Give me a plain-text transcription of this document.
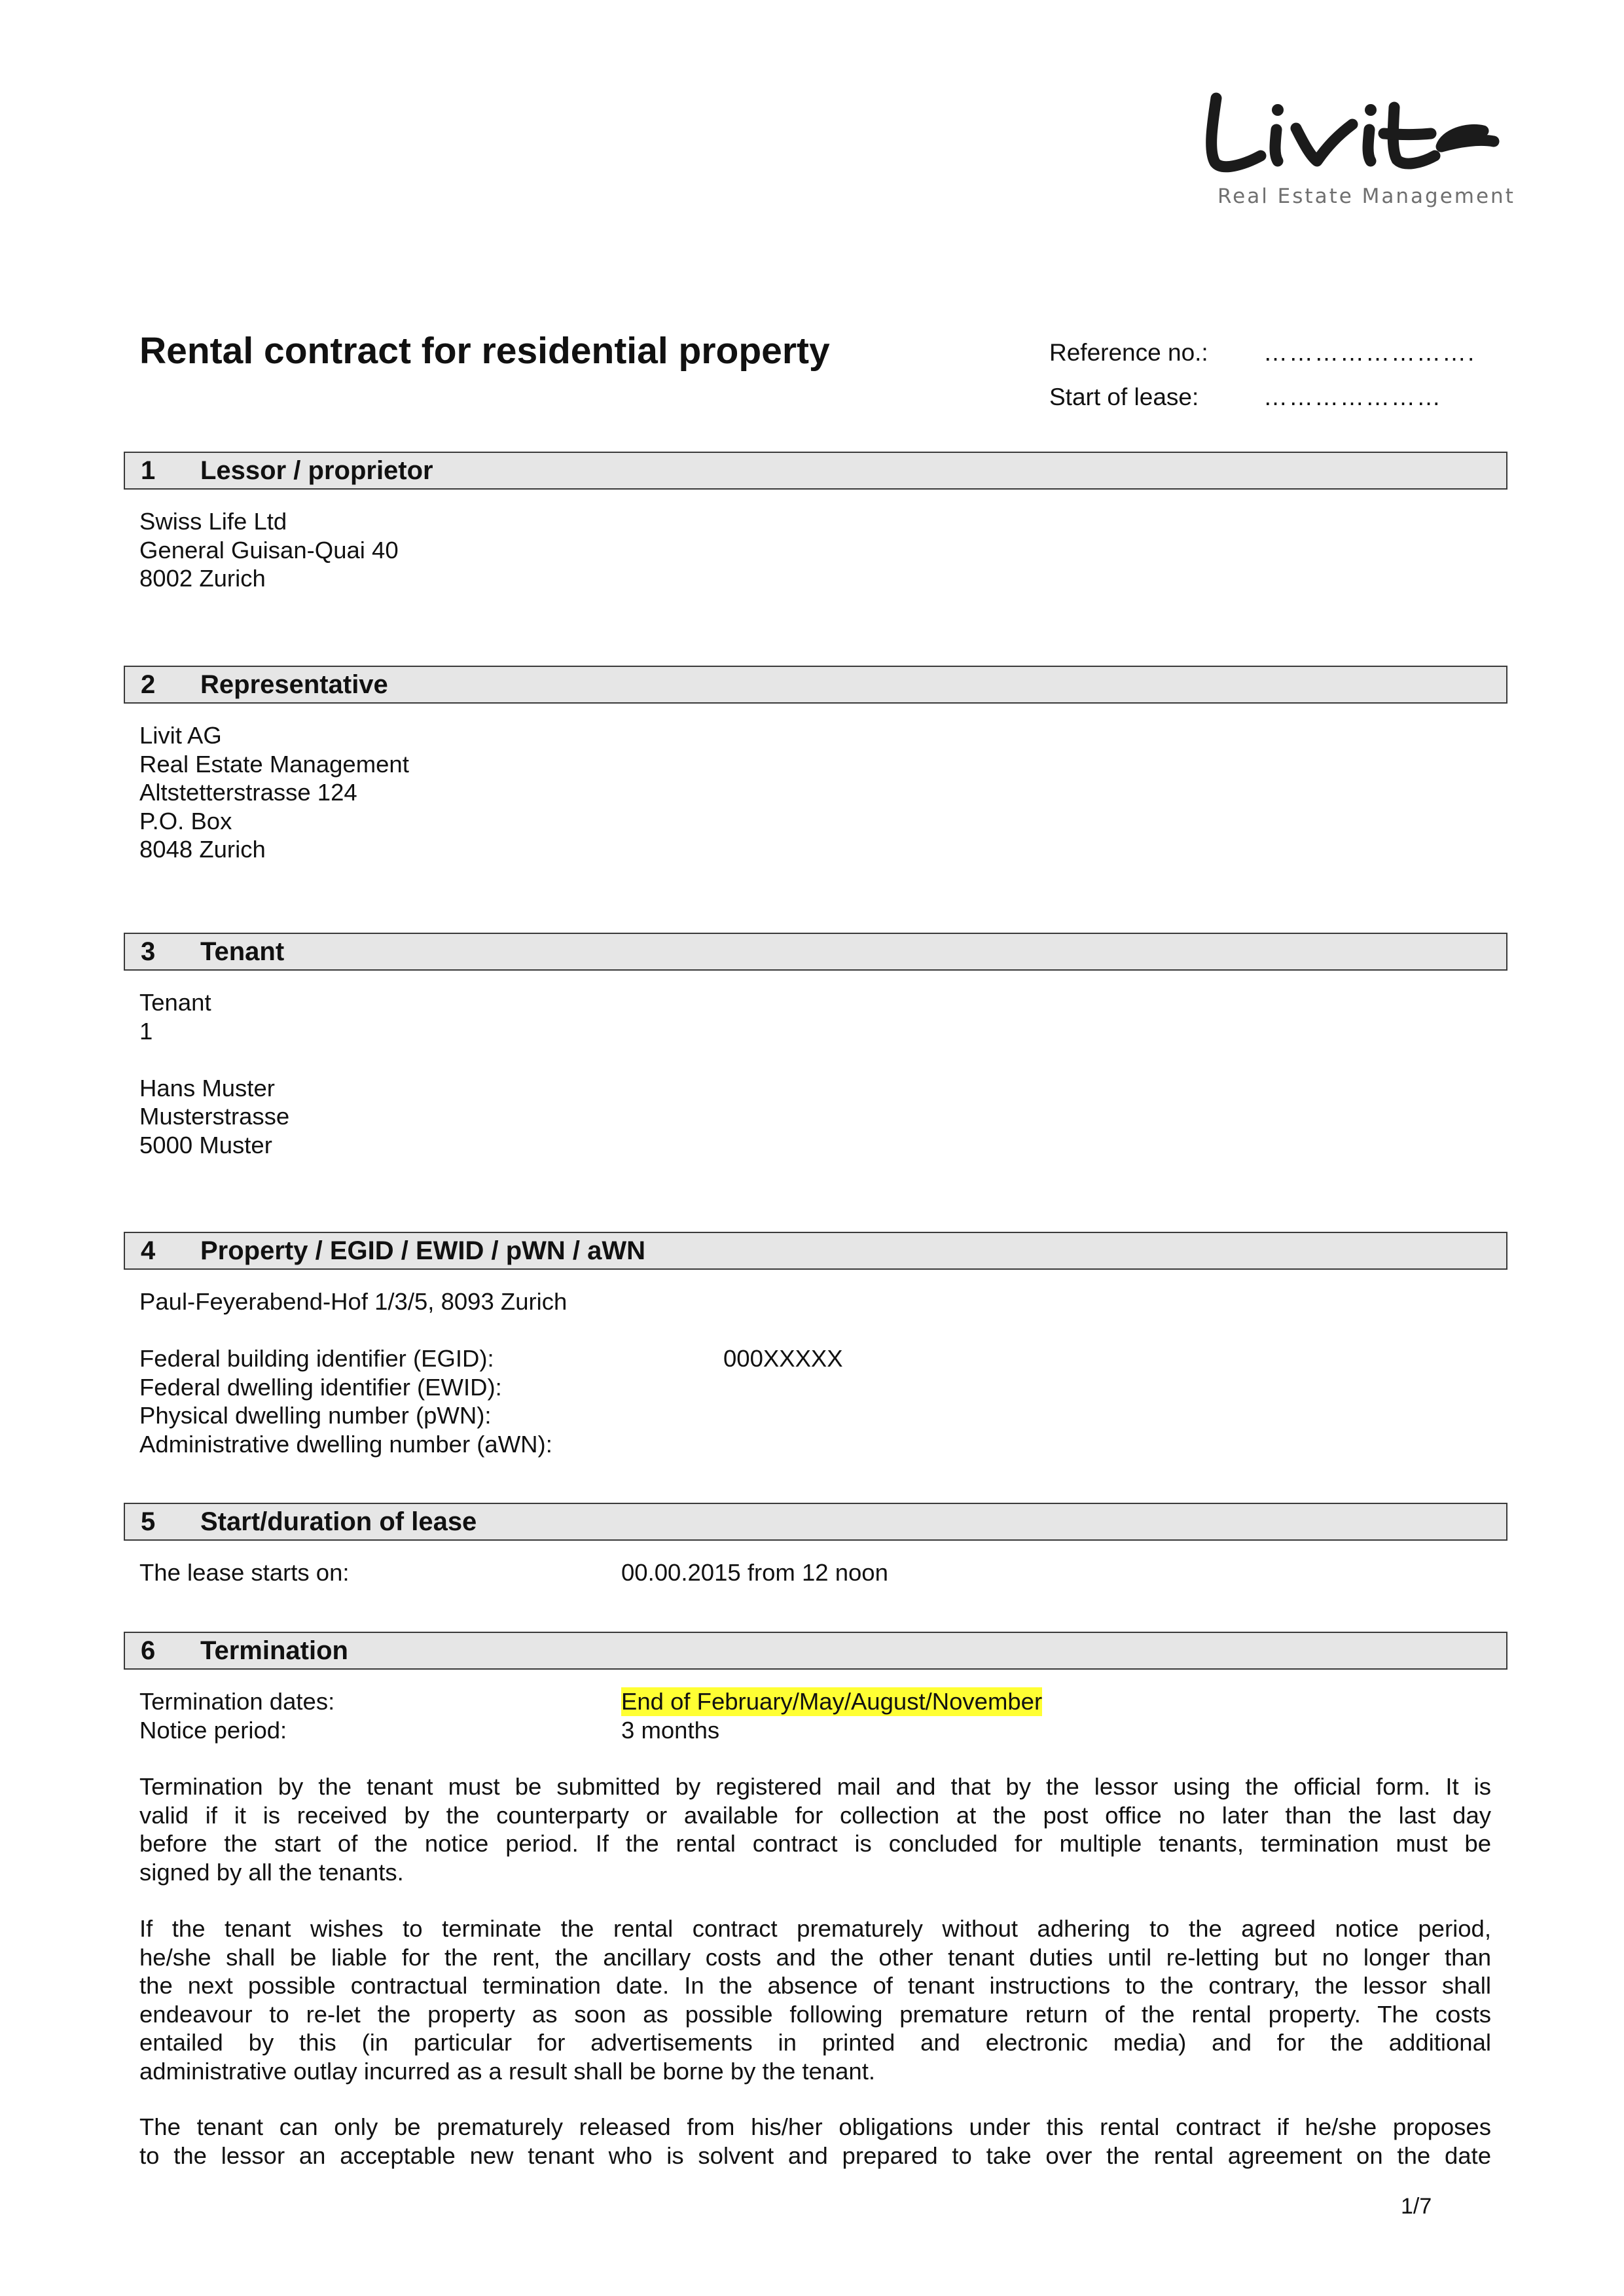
Real Estate Management
Rental contract for residential property	Reference no.:	…………………….
Start of lease:	…………………
1	Lessor / proprietor
Swiss Life Ltd
General Guisan-Quai 40
8002 Zurich
2	Representative
Livit AG
Real Estate Management
Altstetterstrasse 124
P.O. Box
8048 Zurich
3	Tenant
Tenant
1
Hans Muster
Musterstrasse
5000 Muster
4	Property / EGID / EWID / pWN / aWN
Paul-Feyerabend-Hof 1/3/5, 8093 Zurich
Federal building identifier (EGID):	000XXXXX
Federal dwelling identifier (EWID):
Physical dwelling number (pWN):
Administrative dwelling number (aWN):
5	Start/duration of lease
The lease starts on:	00.00.2015 from 12 noon
6	Termination
Termination dates:	End of February/May/August/November
Notice period:	3 months
Termination by the tenant must be submitted by registered mail and that by the lessor using the official form. It is
valid if it is received by the counterparty or available for collection at the post office no later than the last day
before the start of the notice period. If the rental contract is concluded for multiple tenants, termination must be
signed by all the tenants.
If the tenant wishes to terminate the rental contract prematurely without adhering to the agreed notice period,
he/she shall be liable for the rent, the ancillary costs and the other tenant duties until re-letting but no longer than
the next possible contractual termination date. In the absence of tenant instructions to the contrary, the lessor shall
endeavour to re-let the property as soon as possible following premature return of the rental property. The costs
entailed by this (in particular for advertisements in printed and electronic media) and for the additional
administrative outlay incurred as a result shall be borne by the tenant.
The tenant can only be prematurely released from his/her obligations under this rental contract if he/she proposes
to the lessor an acceptable new tenant who is solvent and prepared to take over the rental agreement on the date
1/7
